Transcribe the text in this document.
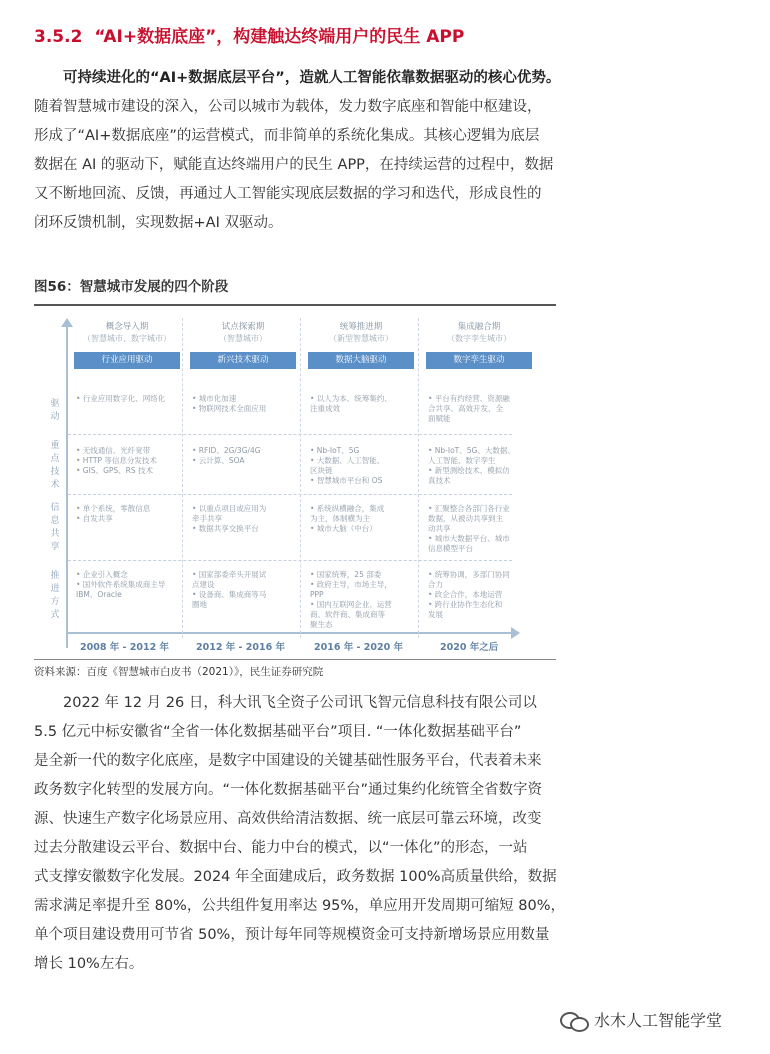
3.5.2 “AI+数据底座”，构建触达终端用户的民生 APP

可持续进化的“AI+数据底层平台”，造就人工智能依靠数据驱动的核心优势。

随着智慧城市建设的深入，公司以城市为载体，发力数字底座和智能中枢建设，

形成了“AI+数据底座”的运营模式，而非简单的系统化集成。其核心逻辑为底层

数据在 AI 的驱动下，赋能直达终端用户的民生 APP，在持续运营的过程中，数据

又不断地回流、反馈，再通过人工智能实现底层数据的学习和迭代，形成良性的

闭环反馈机制，实现数据+AI 双驱动。

图56：智慧城市发展的四个阶段
驱动
重点技术
信息共享
推进方式
概念导入期
（智慧城市、数字城市）
行业应用驱动
• 行业应用数字化、网络化
• 无线通信、光纤宽带
• HTTP 等信息分发技术
• GIS、GPS、RS 技术
• 单个系统，零散信息
• 自发共享
• 企业引入概念
• 国外软件系统集成商主导
IBM、Oracle
2008 年 - 2012 年
试点探索期
（智慧城市）
新兴技术驱动
• 城市化加速
• 物联网技术全面应用
• RFID、2G/3G/4G
• 云计算、SOA
• 以重点项目或应用为
牵手共享
• 数据共享交换平台
• 国家部委牵头开展试
点建设
• 设备商、集成商等马
圈地
2012 年 - 2016 年
统筹推进期
（新型智慧城市）
数据大脑驱动
• 以人为本、统筹集约、
注重成效
• Nb-IoT、5G
• 大数据、人工智能、
区块链
• 智慧城市平台和 OS
• 系统纵横融合，集成
为主，体制横为主
• 城市大脑（中台）
• 国家统筹，25 部委
• 政府主导，市场主导，
PPP
• 国内互联网企业、运营
商、软件商、集成商等
聚生态
2016 年 - 2020 年
集成融合期
（数字孪生城市）
数字孪生驱动
• 平台有约经营、资源融
合共享、高效开发、全
面赋能
• Nb-IoT、5G、大数据、
人工智能、数字孪生
• 新型测绘技术、模拟仿
真技术
• 汇聚整合各部门各行业
数据，从被动共享到主
动共享
• 城市大数据平台、城市
信息模型平台
• 统筹协调，多部门协同
合力
• 政企合作，本地运营
• 跨行业协作生态化和
发展
2020 年之后
资料来源：百度《智慧城市白皮书（2021）》，民生证券研究院

2022 年 12 月 26 日，科大讯飞全资子公司讯飞智元信息科技有限公司以

5.5 亿元中标安徽省“全省一体化数据基础平台”项目. “一体化数据基础平台”

是全新一代的数字化底座，是数字中国建设的关键基础性服务平台，代表着未来

政务数字化转型的发展方向。“一体化数据基础平台”通过集约化统管全省数字资

源、快速生产数字化场景应用、高效供给清洁数据、统一底层可靠云环境，改变

过去分散建设云平台、数据中台、能力中台的模式，以“一体化”的形态，一站

式支撑安徽数字化发展。2024 年全面建成后，政务数据 100%高质量供给，数据

需求满足率提升至 80%，公共组件复用率达 95%，单应用开发周期可缩短 80%，

单个项目建设费用可节省 50%，预计每年同等规模资金可支持新增场景应用数量

增长 10%左右。

水木人工智能学堂
